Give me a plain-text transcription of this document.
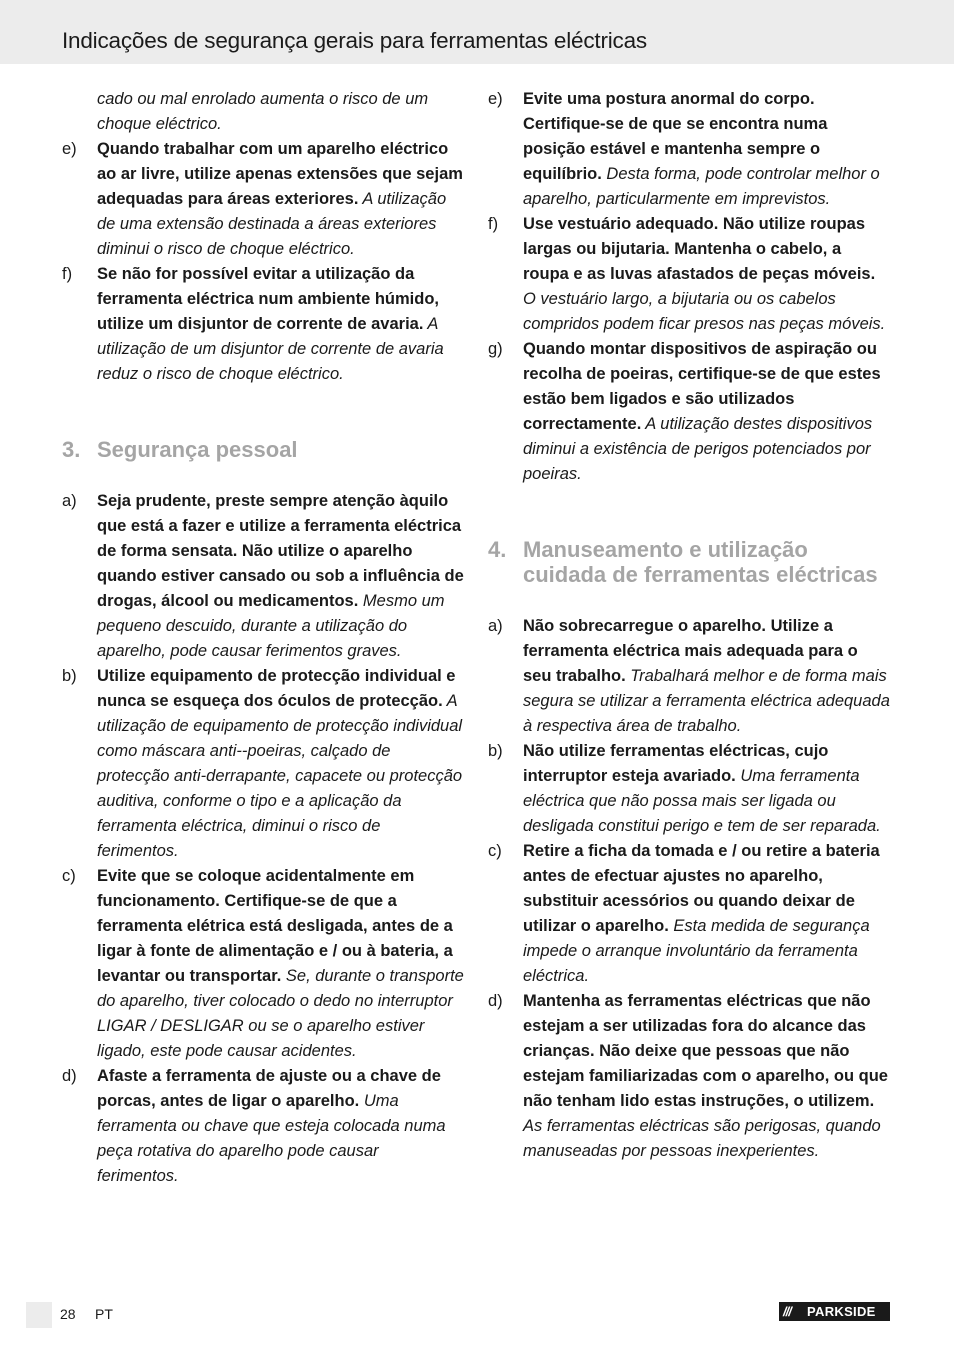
Indicações de segurança gerais para ferramentas eléctricas
cado ou mal enrolado aumenta o risco de um choque eléctrico.
e) Quando trabalhar com um aparelho eléctrico ao ar livre, utilize apenas extensões que sejam adequadas para áreas exteriores. A utilização de uma extensão destinada a áreas exteriores diminui o risco de choque eléctrico.
f) Se não for possível evitar a utilização da ferramenta eléctrica num ambiente húmido, utilize um disjuntor de corrente de avaria. A utilização de um disjuntor de corrente de avaria reduz o risco de choque eléctrico.
3. Segurança pessoal
a) Seja prudente, preste sempre atenção àquilo que está a fazer e utilize a ferramenta eléctrica de forma sensata. Não utilize o aparelho quando estiver cansado ou sob a influência de drogas, álcool ou medicamentos. Mesmo um pequeno descuido, durante a utilização do aparelho, pode causar ferimentos graves.
b) Utilize equipamento de protecção individual e nunca se esqueça dos óculos de protecção. A utilização de equipamento de protecção individual como máscara anti--poeiras, calçado de protecção anti-derrapante, capacete ou protecção auditiva, conforme o tipo e a aplicação da ferramenta eléctrica, diminui o risco de ferimentos.
c) Evite que se coloque acidentalmente em funcionamento. Certifique-se de que a ferramenta elétrica está desligada, antes de a ligar à fonte de alimentação e / ou à bateria, a levantar ou transportar. Se, durante o transporte do aparelho, tiver colocado o dedo no interruptor LIGAR / DESLIGAR ou se o aparelho estiver ligado, este pode causar acidentes.
d) Afaste a ferramenta de ajuste ou a chave de porcas, antes de ligar o aparelho. Uma ferramenta ou chave que esteja colocada numa peça rotativa do aparelho pode causar ferimentos.
e) Evite uma postura anormal do corpo. Certifique-se de que se encontra numa posição estável e mantenha sempre o equilíbrio. Desta forma, pode controlar melhor o aparelho, particularmente em imprevistos.
f) Use vestuário adequado. Não utilize roupas largas ou bijutaria. Mantenha o cabelo, a roupa e as luvas afastados de peças móveis. O vestuário largo, a bijutaria ou os cabelos compridos podem ficar presos nas peças móveis.
g) Quando montar dispositivos de aspiração ou recolha de poeiras, certifique-se de que estes estão bem ligados e são utilizados correctamente. A utilização destes dispositivos diminui a existência de perigos potenciados por poeiras.
4. Manuseamento e utilização cuidada de ferramentas eléctricas
a) Não sobrecarregue o aparelho. Utilize a ferramenta eléctrica mais adequada para o seu trabalho. Trabalhará melhor e de forma mais segura se utilizar a ferramenta eléctrica adequada à respectiva área de trabalho.
b) Não utilize ferramentas eléctricas, cujo interruptor esteja avariado. Uma ferramenta eléctrica que não possa mais ser ligada ou desligada constitui perigo e tem de ser reparada.
c) Retire a ficha da tomada e / ou retire a bateria antes de efectuar ajustes no aparelho, substituir acessórios ou quando deixar de utilizar o aparelho. Esta medida de segurança impede o arranque involuntário da ferramenta eléctrica.
d) Mantenha as ferramentas eléctricas que não estejam a ser utilizadas fora do alcance das crianças. Não deixe que pessoas que não estejam familiarizadas com o aparelho, ou que não tenham lido estas instruções, o utilizem. As ferramentas eléctricas são perigosas, quando manuseadas por pessoas inexperientes.
28 PT	/// PARKSIDE
